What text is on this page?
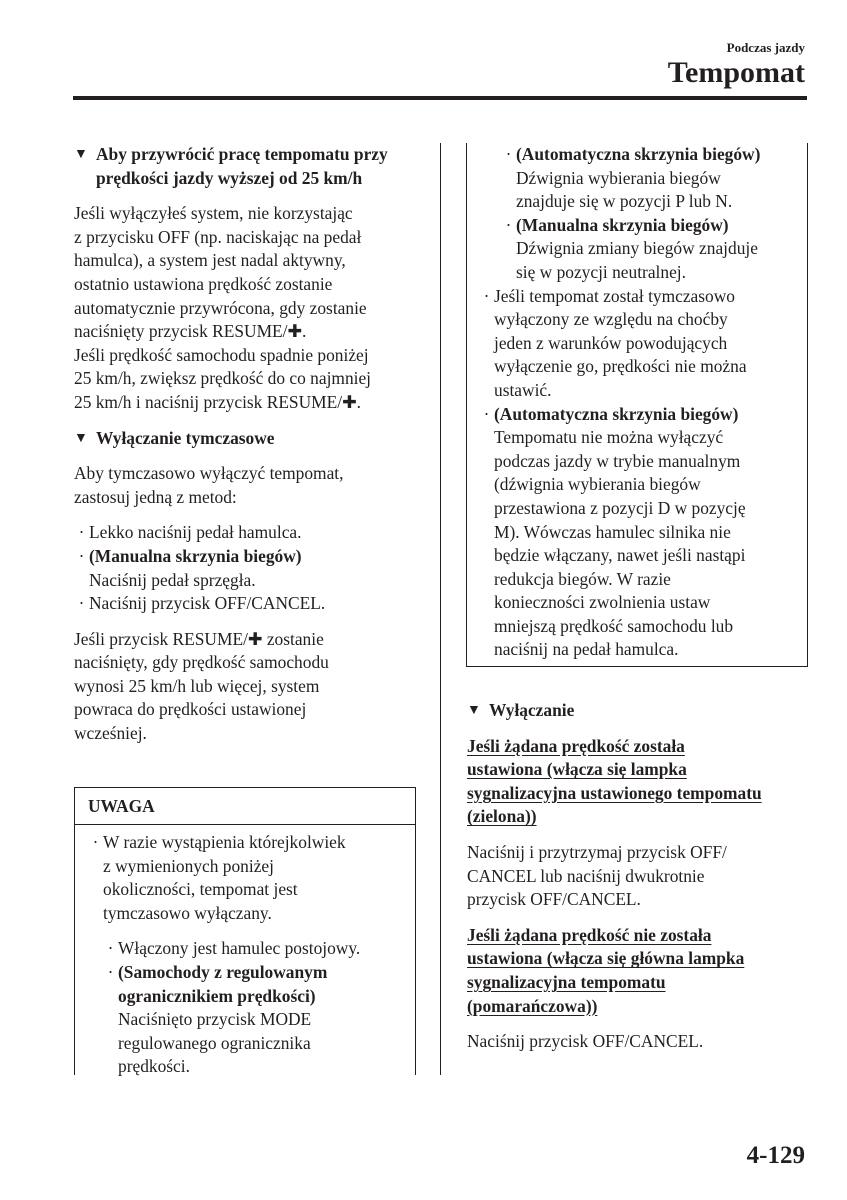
Podczas jazdy
Tempomat
▼ Aby przywrócić pracę tempomatu przy prędkości jazdy wyższej od 25 km/h
Jeśli wyłączyłeś system, nie korzystając
z przycisku OFF (np. naciskając na pedał
hamulca), a system jest nadal aktywny,
ostatnio ustawiona prędkość zostanie
automatycznie przywrócona, gdy zostanie
naciśnięty przycisk RESUME/✚.
Jeśli prędkość samochodu spadnie poniżej
25 km/h, zwiększ prędkość do co najmniej
25 km/h i naciśnij przycisk RESUME/✚.
▼ Wyłączanie tymczasowe
Aby tymczasowo wyłączyć tempomat,
zastosuj jedną z metod:
· Lekko naciśnij pedał hamulca.
· (Manualna skrzynia biegów)
Naciśnij pedał sprzęgła.
· Naciśnij przycisk OFF/CANCEL.
Jeśli przycisk RESUME/✚ zostanie
naciśnięty, gdy prędkość samochodu
wynosi 25 km/h lub więcej, system
powraca do prędkości ustawionej
wcześniej.
UWAGA
· W razie wystąpienia którejkolwiek
z wymienionych poniżej
okoliczności, tempomat jest
tymczasowo wyłączany.
· Włączony jest hamulec postojowy.
· (Samochody z regulowanym
ogranicznikiem prędkości)
Naciśnięto przycisk MODE
regulowanego ogranicznika
prędkości.
· (Automatyczna skrzynia biegów)
Dźwignia wybierania biegów
znajduje się w pozycji P lub N.
· (Manualna skrzynia biegów)
Dźwignia zmiany biegów znajduje
się w pozycji neutralnej.
· Jeśli tempomat został tymczasowo
wyłączony ze względu na choćby
jeden z warunków powodujących
wyłączenie go, prędkości nie można
ustawić.
· (Automatyczna skrzynia biegów)
Tempomatu nie można wyłączyć
podczas jazdy w trybie manualnym
(dźwignia wybierania biegów
przestawiona z pozycji D w pozycję
M). Wówczas hamulec silnika nie
będzie włączany, nawet jeśli nastąpi
redukcja biegów. W razie
konieczności zwolnienia ustaw
mniejszą prędkość samochodu lub
naciśnij na pedał hamulca.
▼ Wyłączanie
Jeśli żądana prędkość została
ustawiona (włącza się lampka
sygnalizacyjna ustawionego tempomatu
(zielona))
Naciśnij i przytrzymaj przycisk OFF/
CANCEL lub naciśnij dwukrotnie
przycisk OFF/CANCEL.
Jeśli żądana prędkość nie została
ustawiona (włącza się główna lampka
sygnalizacyjna tempomatu
(pomarańczowa))
Naciśnij przycisk OFF/CANCEL.
4-129
